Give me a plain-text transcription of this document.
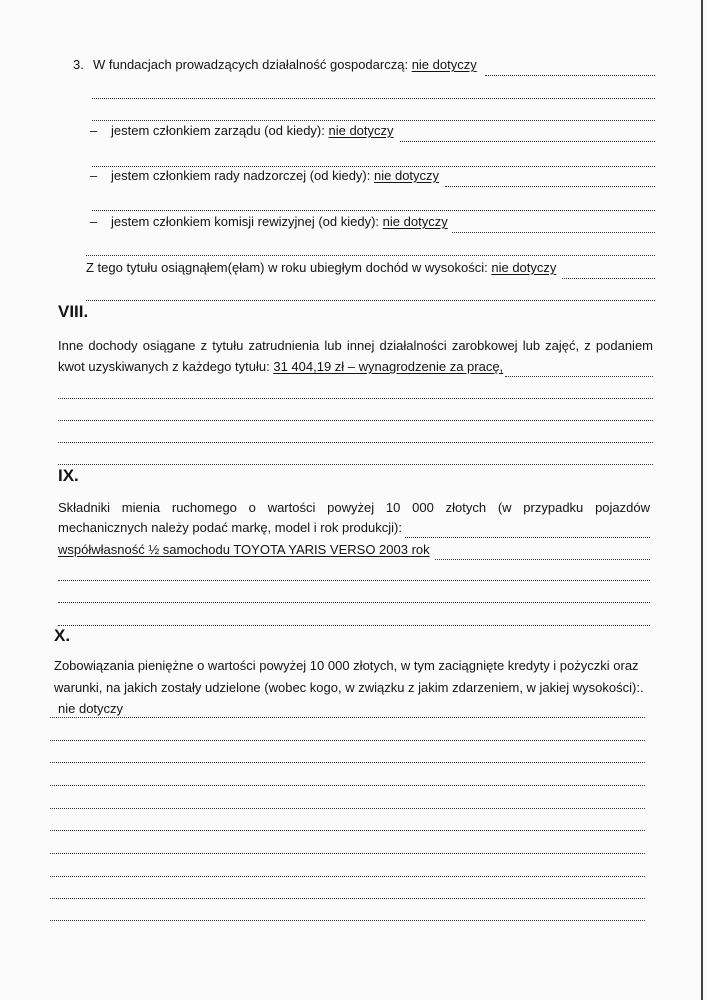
3. W fundacjach prowadzących działalność gospodarczą: nie dotyczy
– jestem członkiem zarządu (od kiedy): nie dotyczy
– jestem członkiem rady nadzorczej (od kiedy): nie dotyczy
– jestem członkiem komisji rewizyjnej (od kiedy): nie dotyczy
Z tego tytułu osiągnąłem(ęłam) w roku ubiegłym dochód w wysokości: nie dotyczy
VIII.
Inne dochody osiągane z tytułu zatrudnienia lub innej działalności zarobkowej lub zajęć, z podaniem
kwot uzyskiwanych z każdego tytułu: 31 404,19 zł – wynagrodzenie za pracę,
IX.
Składniki mienia ruchomego o wartości powyżej 10 000 złotych (w przypadku pojazdów
mechanicznych należy podać markę, model i rok produkcji):
współwłasność ½ samochodu TOYOTA YARIS VERSO 2003 rok
X.
Zobowiązania pieniężne o wartości powyżej 10 000 złotych, w tym zaciągnięte kredyty i pożyczki oraz
warunki, na jakich zostały udzielone (wobec kogo, w związku z jakim zdarzeniem, w jakiej wysokości):.
nie dotyczy
